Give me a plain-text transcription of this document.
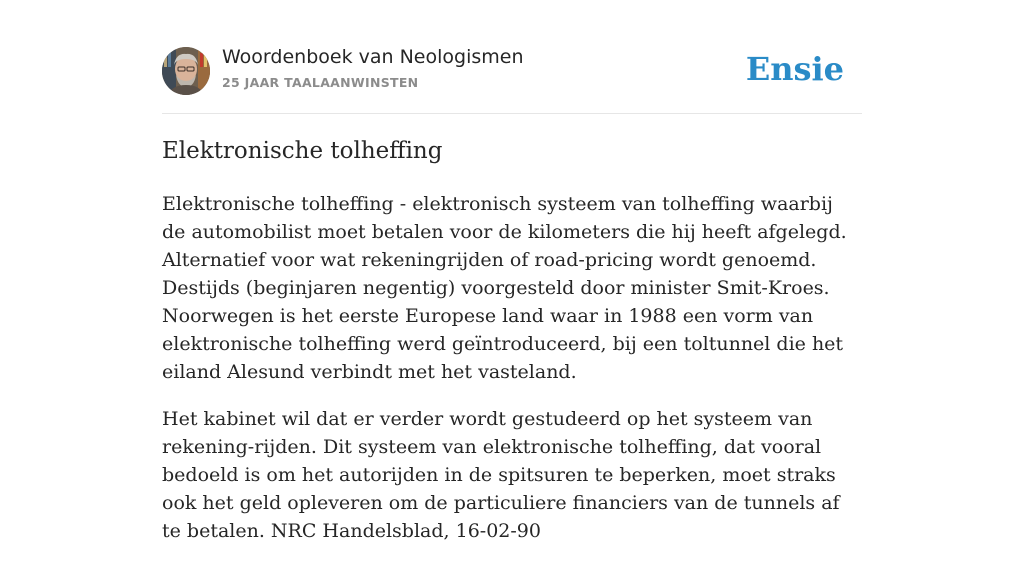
Woordenboek van Neologismen
25 JAAR TAALAANWINSTEN	Ensie
Elektronische tolheffing

Elektronische tolheffing - elektronisch systeem van tolheffing waarbij de automobilist moet betalen voor de kilometers die hij heeft afgelegd. Alternatief voor wat rekeningrijden of road-pricing wordt genoemd. Destijds (beginjaren negentig) voorgesteld door minister Smit-Kroes. Noorwegen is het eerste Europese land waar in 1988 een vorm van elektronische tolheffing werd geïntroduceerd, bij een toltunnel die het eiland Alesund verbindt met het vasteland.

Het kabinet wil dat er verder wordt gestudeerd op het systeem van rekening-rijden. Dit systeem van elektronische tolheffing, dat vooral bedoeld is om het autorijden in de spitsuren te beperken, moet straks ook het geld opleveren om de particuliere financiers van de tunnels af te betalen. NRC Handelsblad, 16-02-90
